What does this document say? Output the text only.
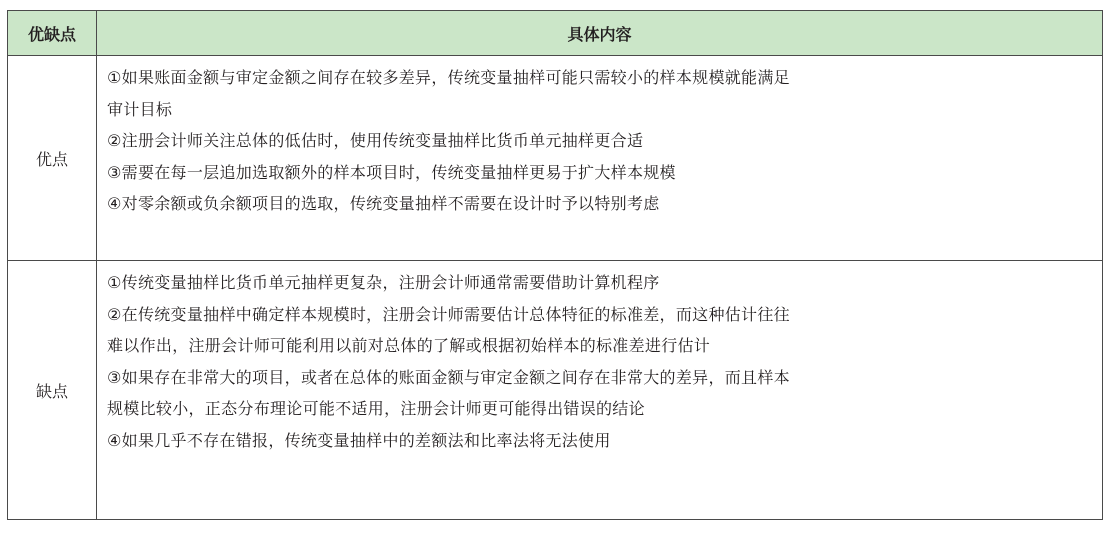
优缺点	具体内容
优点
①如果账面金额与审定金额之间存在较多差异，传统变量抽样可能只需较小的样本规模就能满足
审计目标
②注册会计师关注总体的低估时，使用传统变量抽样比货币单元抽样更合适
③需要在每一层追加选取额外的样本项目时，传统变量抽样更易于扩大样本规模
④对零余额或负余额项目的选取，传统变量抽样不需要在设计时予以特别考虑
缺点
①传统变量抽样比货币单元抽样更复杂，注册会计师通常需要借助计算机程序
②在传统变量抽样中确定样本规模时，注册会计师需要估计总体特征的标准差，而这种估计往往
难以作出，注册会计师可能利用以前对总体的了解或根据初始样本的标准差进行估计
③如果存在非常大的项目，或者在总体的账面金额与审定金额之间存在非常大的差异，而且样本
规模比较小，正态分布理论可能不适用，注册会计师更可能得出错误的结论
④如果几乎不存在错报，传统变量抽样中的差额法和比率法将无法使用
